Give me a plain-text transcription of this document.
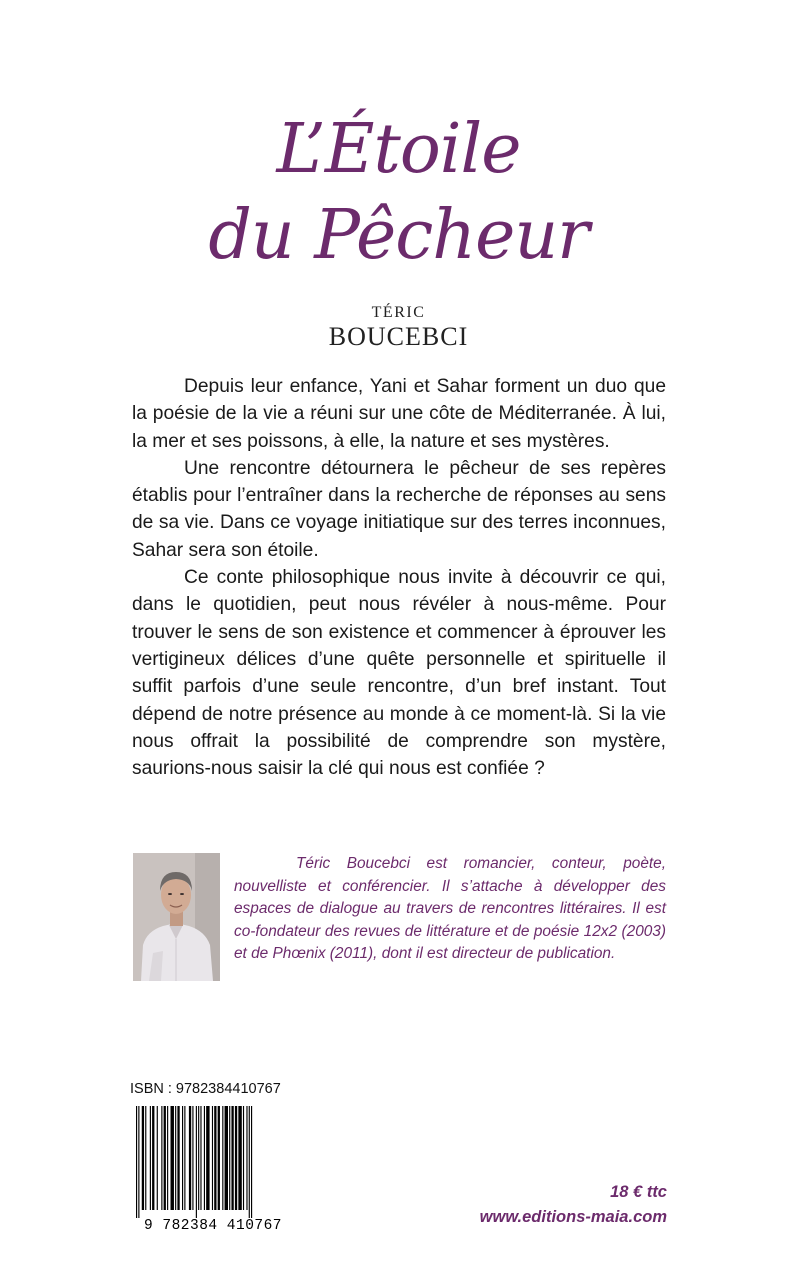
L’Étoile
du Pêcheur
TÉRIC
BOUCEBCI

Depuis leur enfance, Yani et Sahar forment un duo que la poésie de la vie a réuni sur une côte de Méditerranée. À lui, la mer et ses poissons, à elle, la nature et ses mystères.

Une rencontre détournera le pêcheur de ses repères établis pour l’entraîner dans la recherche de réponses au sens de sa vie. Dans ce voyage initiatique sur des terres inconnues, Sahar sera son étoile.

Ce conte philosophique nous invite à découvrir ce qui, dans le quotidien, peut nous révéler à nous-même. Pour trouver le sens de son existence et commencer à éprouver les vertigineux délices d’une quête personnelle et spirituelle il suffit parfois d’une seule rencontre, d’un bref instant. Tout dépend de notre présence au monde à ce moment-là. Si la vie nous offrait la possibilité de comprendre son mystère, saurions-nous saisir la clé qui nous est confiée ?

Téric Boucebci est romancier, conteur, poète, nouvelliste et conférencier. Il s’attache à développer des espaces de dialogue au travers de rencontres littéraires. Il est co-fondateur des revues de littérature et de poésie 12x2 (2003) et de Phœnix (2011), dont il est directeur de publication.

ISBN : 9782384410767
9 782384 410767
18 € ttc
www.editions-maia.com
